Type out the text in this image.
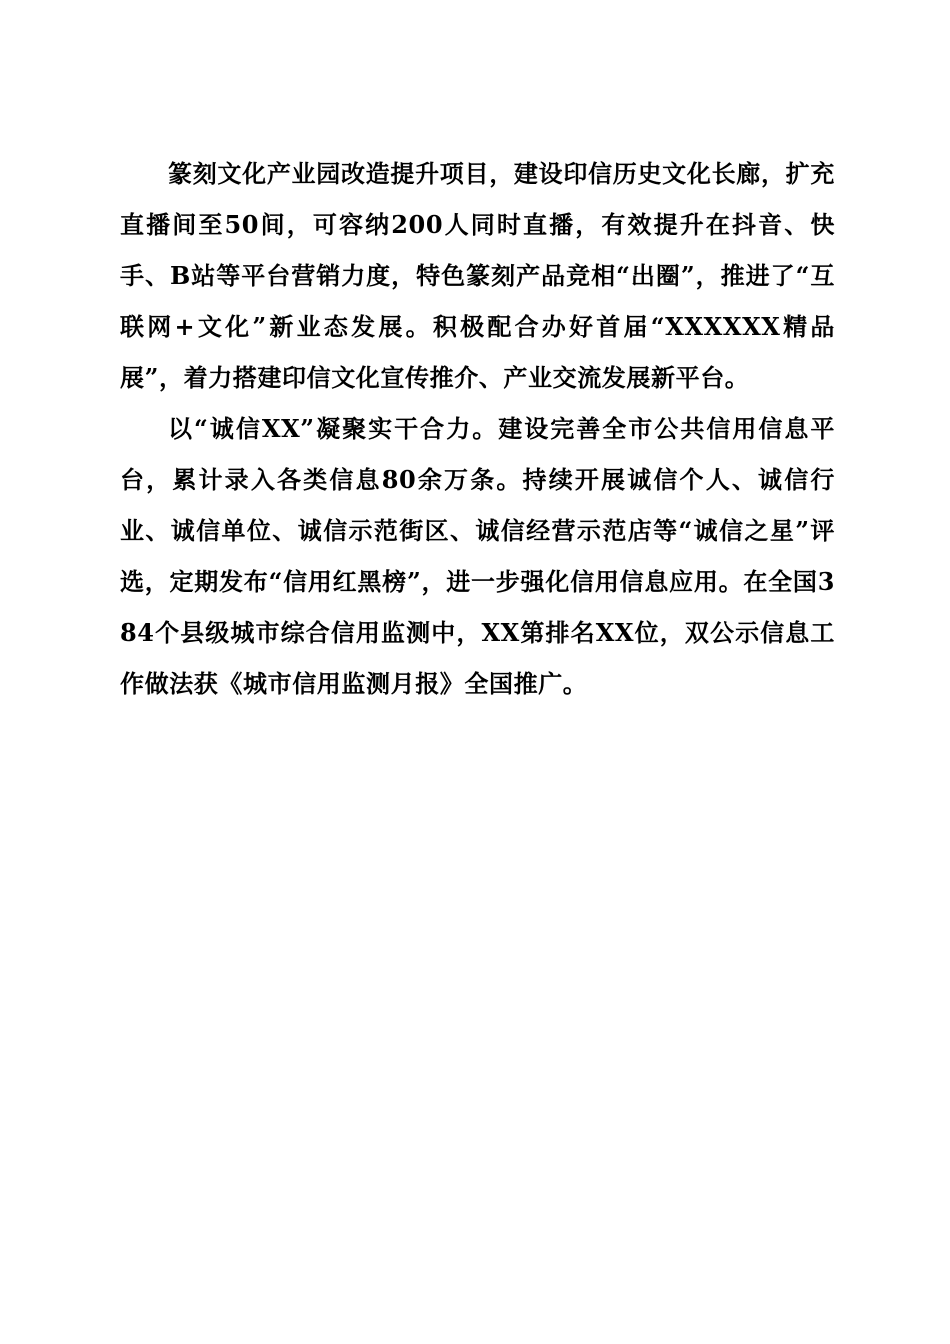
篆刻文化产业园改造提升项目，建设印信历史文化长廊，扩充直播间至50间，可容纳200人同时直播，有效提升在抖音、快手、B站等平台营销力度，特色篆刻产品竞相“出圈”，推进了“互联网+文化”新业态发展。积极配合办好首届“XXXXXX精品展”，着力搭建印信文化宣传推介、产业交流发展新平台。

以“诚信XX”凝聚实干合力。建设完善全市公共信用信息平台，累计录入各类信息80余万条。持续开展诚信个人、诚信行业、诚信单位、诚信示范街区、诚信经营示范店等“诚信之星”评选，定期发布“信用红黑榜”，进一步强化信用信息应用。在全国384个县级城市综合信用监测中，XX第排名XX位，双公示信息工作做法获《城市信用监测月报》全国推广。
